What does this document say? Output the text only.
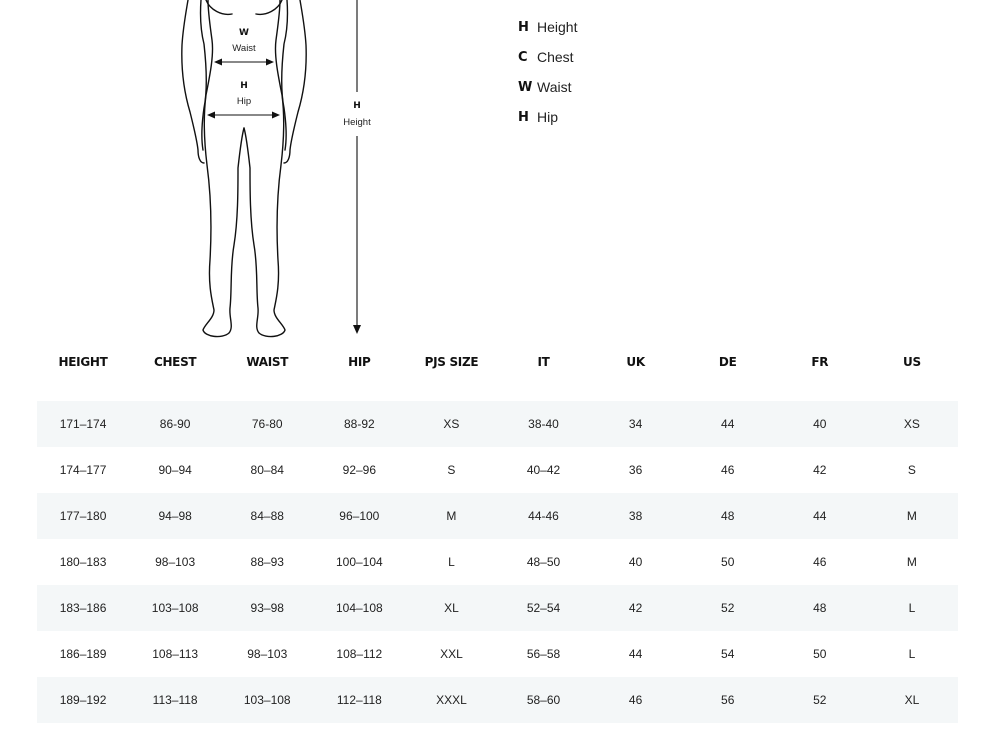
W
Waist
H
Hip	H
Height
H Height
C Chest
W Waist
H Hip
HEIGHT	CHEST	WAIST	HIP	PJS SIZE	IT	UK	DE	FR	US

171–174	86-90	76-80	88-92	XS	38-40	34	44	40	XS
174–177	90–94	80–84	92–96	S	40–42	36	46	42	S
177–180	94–98	84–88	96–100	M	44-46	38	48	44	M
180–183	98–103	88–93	100–104	L	48–50	40	50	46	M
183–186	103–108	93–98	104–108	XL	52–54	42	52	48	L
186–189	108–113	98–103	108–112	XXL	56–58	44	54	50	L
189–192	113–118	103–108	112–118	XXXL	58–60	46	56	52	XL
